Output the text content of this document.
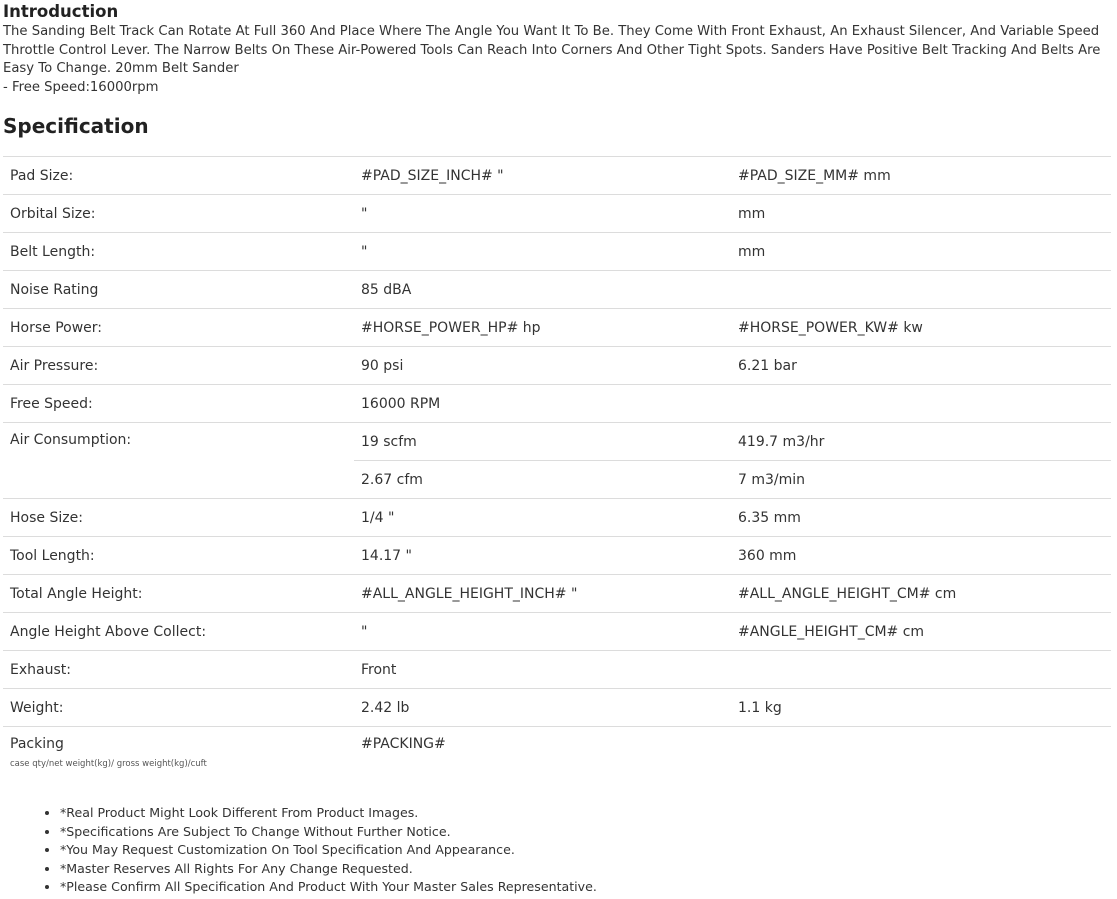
Introduction

The Sanding Belt Track Can Rotate At Full 360 And Place Where The Angle You Want It To Be. They Come With Front Exhaust, An Exhaust Silencer, And Variable Speed Throttle Control Lever. The Narrow Belts On These Air-Powered Tools Can Reach Into Corners And Other Tight Spots. Sanders Have Positive Belt Tracking And Belts Are Easy To Change. 20mm Belt Sander

- Free Speed:16000rpm

Specification
Pad Size:	#PAD_SIZE_INCH# "	#PAD_SIZE_MM# mm
Orbital Size:	"	mm
Belt Length:	"	mm
Noise Rating	85 dBA	
Horse Power:	#HORSE_POWER_HP# hp	#HORSE_POWER_KW# kw
Air Pressure:	90 psi	6.21 bar
Free Speed:	16000 RPM	
Air Consumption:	19 scfm	419.7 m3/hr
	2.67 cfm	7 m3/min
Hose Size:	1/4 "	6.35 mm
Tool Length:	14.17 "	360 mm
Total Angle Height:	#ALL_ANGLE_HEIGHT_INCH# "	#ALL_ANGLE_HEIGHT_CM# cm
Angle Height Above Collect:	"	#ANGLE_HEIGHT_CM# cm
Exhaust:	Front	
Weight:	2.42 lb	1.1 kg
Packing
case qty/net weight(kg)/ gross weight(kg)/cuft	#PACKING#	
• *Real Product Might Look Different From Product Images.
• *Specifications Are Subject To Change Without Further Notice.
• *You May Request Customization On Tool Specification And Appearance.
• *Master Reserves All Rights For Any Change Requested.
• *Please Confirm All Specification And Product With Your Master Sales Representative.
